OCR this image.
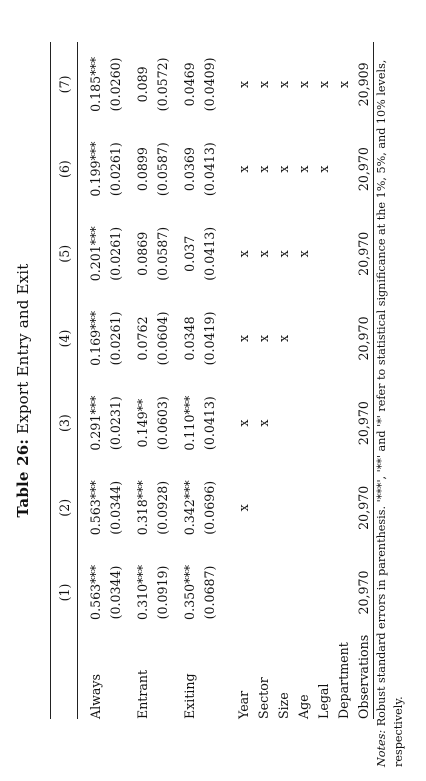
Table 26: Export Entry and Exit
	(1)	(2)	(3)	(4)	(5)	(6)	(7)

Always	0.563***	0.563***	0.291***	0.169***	0.201***	0.199***	0.185***
	(0.0344)	(0.0344)	(0.0231)	(0.0261)	(0.0261)	(0.0261)	(0.0260)

Entrant	0.310***	0.318***	0.149**	0.0762	0.0869	0.0899	0.089
	(0.0919)	(0.0928)	(0.0603)	(0.0604)	(0.0587)	(0.0587)	(0.0572)

Exiting	0.350***	0.342***	0.110***	0.0348	0.037	0.0369	0.0469
	(0.0687)	(0.0696)	(0.0413)	(0.0419)	(0.0413)	(0.0413)	(0.0409)

Year		x	x	x	x	x	x
Sector			x	x	x	x	x
Size				x	x	x	x
Age					x	x	x
Legal						x	x
Department							x
Observations	20,970	20,970	20,970	20,970	20,970	20,970	20,909

Notes: Robust standard errors in parenthesis. '***', '**' and '*' refer to statistical significance at the 1%, 5%, and 10% levels, respectively.
